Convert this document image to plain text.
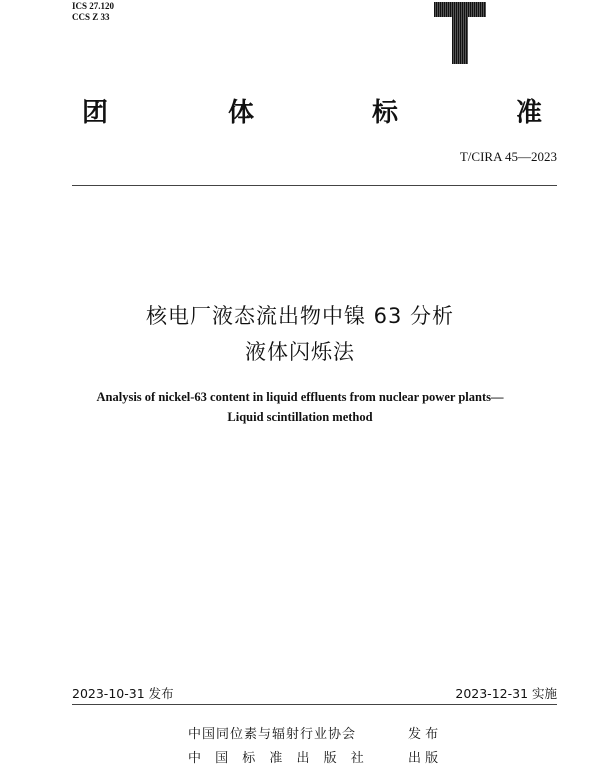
ICS 27.120
CCS Z 33
团	体	标	准
T/CIRA 45—2023
核电厂液态流出物中镍 63 分析
液体闪烁法
Analysis of nickel-63 content in liquid effluents from nuclear power plants—
Liquid scintillation method
2023-10-31 发布	2023-12-31 实施
中国同位素与辐射行业协会	发 布
中 国 标 准 出 版 社	出 版
